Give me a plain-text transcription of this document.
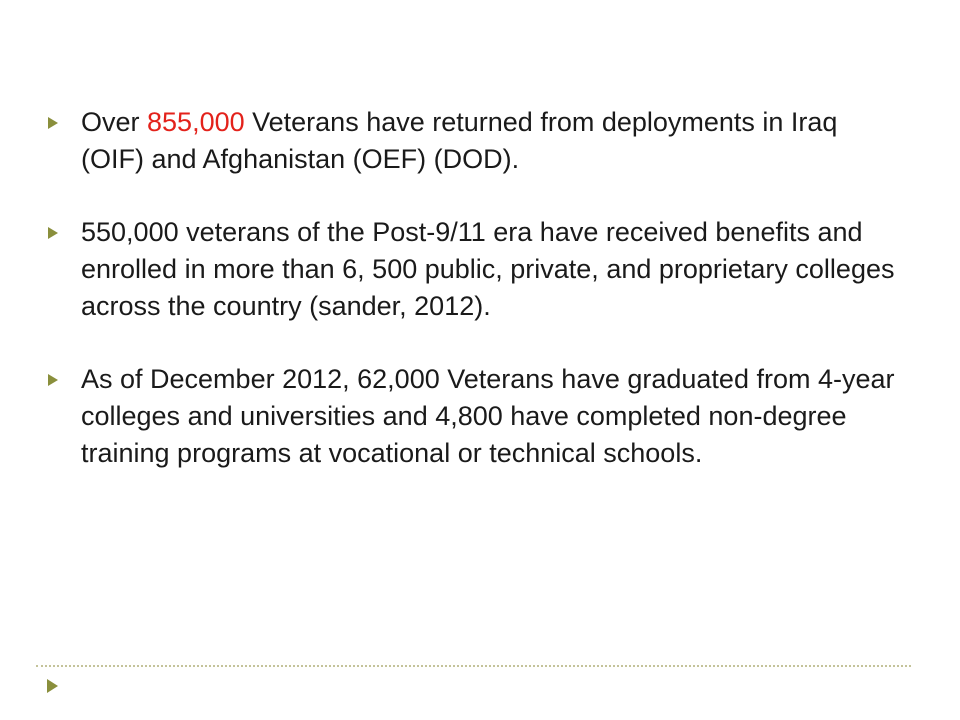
Over 855,000 Veterans have returned from deployments in Iraq (OIF) and Afghanistan (OEF) (DOD).
550,000 veterans of the Post-9/11 era have received benefits and enrolled in more than 6, 500 public, private, and proprietary colleges across the country (sander, 2012).
As of December 2012, 62,000 Veterans have graduated from 4-year colleges and universities and 4,800 have completed non-degree training programs at vocational or technical schools.
